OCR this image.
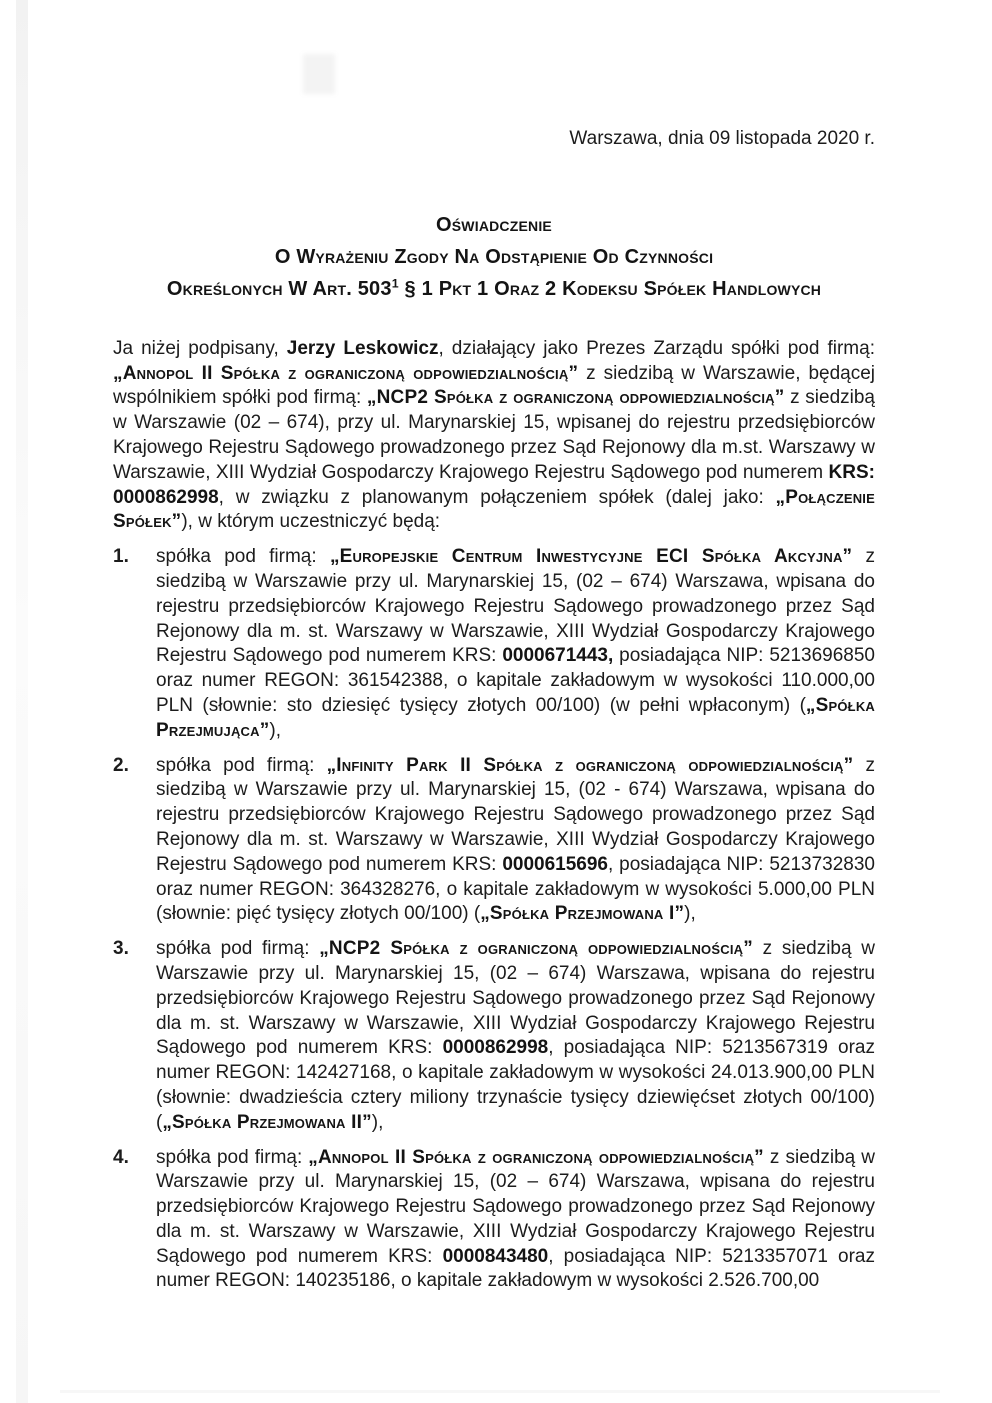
Warszawa, dnia 09 listopada 2020 r.
Oświadczenie
O Wyrażeniu Zgody Na Odstąpienie Od Czynności
Określonych W Art. $503^1$ § 1 Pkt 1 Oraz 2 Kodeksu Spółek Handlowych
Ja niżej podpisany, Jerzy Leskowicz, działający jako Prezes Zarządu spółki pod firmą: „Annopol II Spółka z ograniczoną odpowiedzialnością” z siedzibą w Warszawie, będącej wspólnikiem spółki pod firmą: „NCP2 Spółka z ograniczoną odpowiedzialnością” z siedzibą w Warszawie (02 – 674), przy ul. Marynarskiej 15, wpisanej do rejestru przedsiębiorców Krajowego Rejestru Sądowego prowadzonego przez Sąd Rejonowy dla m.st. Warszawy w Warszawie, XIII Wydział Gospodarczy Krajowego Rejestru Sądowego pod numerem KRS: 0000862998, w związku z planowanym połączeniem spółek (dalej jako: „Połączenie Spółek”), w którym uczestniczyć będą:
1.	spółka pod firmą: „Europejskie Centrum Inwestycyjne ECI Spółka Akcyjna” z siedzibą w Warszawie przy ul. Marynarskiej 15, (02 – 674) Warszawa, wpisana do rejestru przedsiębiorców Krajowego Rejestru Sądowego prowadzonego przez Sąd Rejonowy dla m. st. Warszawy w Warszawie, XIII Wydział Gospodarczy Krajowego Rejestru Sądowego pod numerem KRS: 0000671443, posiadająca NIP: 5213696850 oraz numer REGON: 361542388, o kapitale zakładowym w wysokości 110.000,00 PLN (słownie: sto dziesięć tysięcy złotych 00/100) (w pełni wpłaconym) („Spółka Przejmująca”),
2.	spółka pod firmą: „Infinity Park II Spółka z ograniczoną odpowiedzialnością” z siedzibą w Warszawie przy ul. Marynarskiej 15, (02 - 674) Warszawa, wpisana do rejestru przedsiębiorców Krajowego Rejestru Sądowego prowadzonego przez Sąd Rejonowy dla m. st. Warszawy w Warszawie, XIII Wydział Gospodarczy Krajowego Rejestru Sądowego pod numerem KRS: 0000615696, posiadająca NIP: 5213732830 oraz numer REGON: 364328276, o kapitale zakładowym w wysokości 5.000,00 PLN (słownie: pięć tysięcy złotych 00/100) („Spółka Przejmowana I”),
3.	spółka pod firmą: „NCP2 Spółka z ograniczoną odpowiedzialnością” z siedzibą w Warszawie przy ul. Marynarskiej 15, (02 – 674) Warszawa, wpisana do rejestru przedsiębiorców Krajowego Rejestru Sądowego prowadzonego przez Sąd Rejonowy dla m. st. Warszawy w Warszawie, XIII Wydział Gospodarczy Krajowego Rejestru Sądowego pod numerem KRS: 0000862998, posiadająca NIP: 5213567319 oraz numer REGON: 142427168, o kapitale zakładowym w wysokości 24.013.900,00 PLN (słownie: dwadzieścia cztery miliony trzynaście tysięcy dziewięćset złotych 00/100) („Spółka Przejmowana II”),
4.	spółka pod firmą: „Annopol II Spółka z ograniczoną odpowiedzialnością” z siedzibą w Warszawie przy ul. Marynarskiej 15, (02 – 674) Warszawa, wpisana do rejestru przedsiębiorców Krajowego Rejestru Sądowego prowadzonego przez Sąd Rejonowy dla m. st. Warszawy w Warszawie, XIII Wydział Gospodarczy Krajowego Rejestru Sądowego pod numerem KRS: 0000843480, posiadająca NIP: 5213357071 oraz numer REGON: 140235186, o kapitale zakładowym w wysokości 2.526.700,00
